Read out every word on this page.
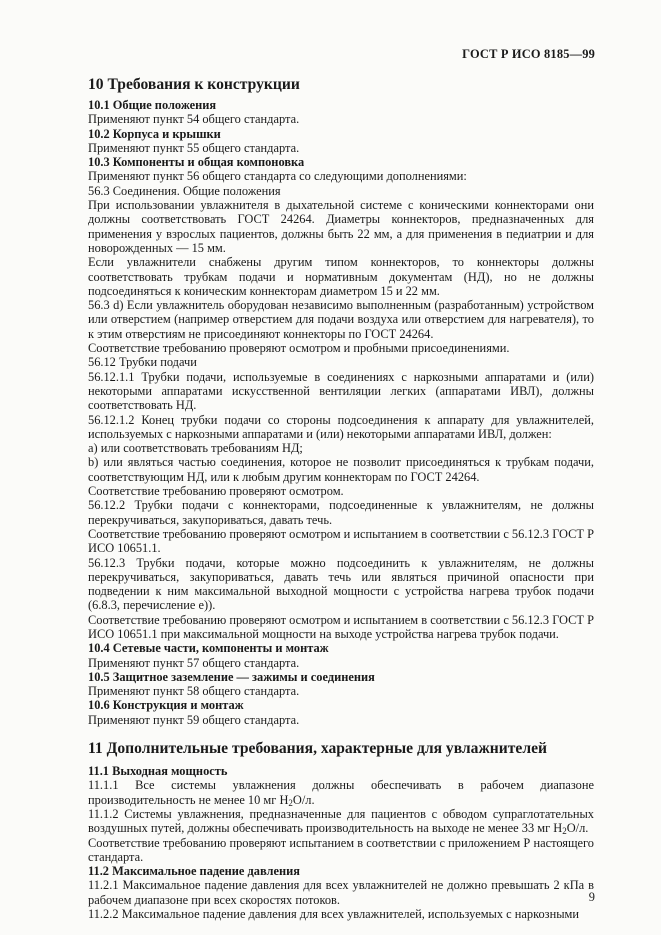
ГОСТ Р ИСО 8185—99
10 Требования к конструкции
10.1 Общие положения

Применяют пункт 54 общего стандарта.

10.2 Корпуса и крышки

Применяют пункт 55 общего стандарта.

10.3 Компоненты и общая компоновка

Применяют пункт 56 общего стандарта со следующими дополнениями:

56.3 Соединения. Общие положения

При использовании увлажнителя в дыхательной системе с коническими коннекторами они должны соответствовать ГОСТ 24264. Диаметры коннекторов, предназначенных для применения у взрослых пациентов, должны быть 22 мм, а для применения в педиатрии и для новорожденных — 15 мм.

Если увлажнители снабжены другим типом коннекторов, то коннекторы должны соответствовать трубкам подачи и нормативным документам (НД), но не должны подсоединяться к коническим коннекторам диаметром 15 и 22 мм.

56.3 d) Если увлажнитель оборудован независимо выполненным (разработанным) устройством или отверстием (например отверстием для подачи воздуха или отверстием для нагревателя), то к этим отверстиям не присоединяют коннекторы по ГОСТ 24264.

Соответствие требованию проверяют осмотром и пробными присоединениями.

56.12 Трубки подачи

56.12.1.1 Трубки подачи, используемые в соединениях с наркозными аппаратами и (или) некоторыми аппаратами искусственной вентиляции легких (аппаратами ИВЛ), должны соответствовать НД.

56.12.1.2 Конец трубки подачи со стороны подсоединения к аппарату для увлажнителей, используемых с наркозными аппаратами и (или) некоторыми аппаратами ИВЛ, должен:

a) или соответствовать требованиям НД;

b) или являться частью соединения, которое не позволит присоединяться к трубкам подачи, соответствующим НД, или к любым другим коннекторам по ГОСТ 24264.

Соответствие требованию проверяют осмотром.

56.12.2 Трубки подачи с коннекторами, подсоединенные к увлажнителям, не должны перекручиваться, закупориваться, давать течь.

Соответствие требованию проверяют осмотром и испытанием в соответствии с 56.12.3 ГОСТ Р ИСО 10651.1.

56.12.3 Трубки подачи, которые можно подсоединить к увлажнителям, не должны перекручиваться, закупориваться, давать течь или являться причиной опасности при подведении к ним максимальной выходной мощности с устройства нагрева трубок подачи (6.8.3, перечисление e)).

Соответствие требованию проверяют осмотром и испытанием в соответствии с 56.12.3 ГОСТ Р ИСО 10651.1 при максимальной мощности на выходе устройства нагрева трубок подачи.

10.4 Сетевые части, компоненты и монтаж

Применяют пункт 57 общего стандарта.

10.5 Защитное заземление — зажимы и соединения

Применяют пункт 58 общего стандарта.

10.6 Конструкция и монтаж

Применяют пункт 59 общего стандарта.

11 Дополнительные требования, характерные для увлажнителей
11.1 Выходная мощность

11.1.1 Все системы увлажнения должны обеспечивать в рабочем диапазоне производительность не менее 10 мг $H_2O/л$.

11.1.2 Системы увлажнения, предназначенные для пациентов с обводом супраглотательных воздушных путей, должны обеспечивать производительность на выходе не менее 33 мг $H_2O/л$.

Соответствие требованию проверяют испытанием в соответствии с приложением Р настоящего стандарта.

11.2 Максимальное падение давления

11.2.1 Максимальное падение давления для всех увлажнителей не должно превышать 2 кПа в рабочем диапазоне при всех скоростях потоков.

11.2.2 Максимальное падение давления для всех увлажнителей, используемых с наркозными

9
